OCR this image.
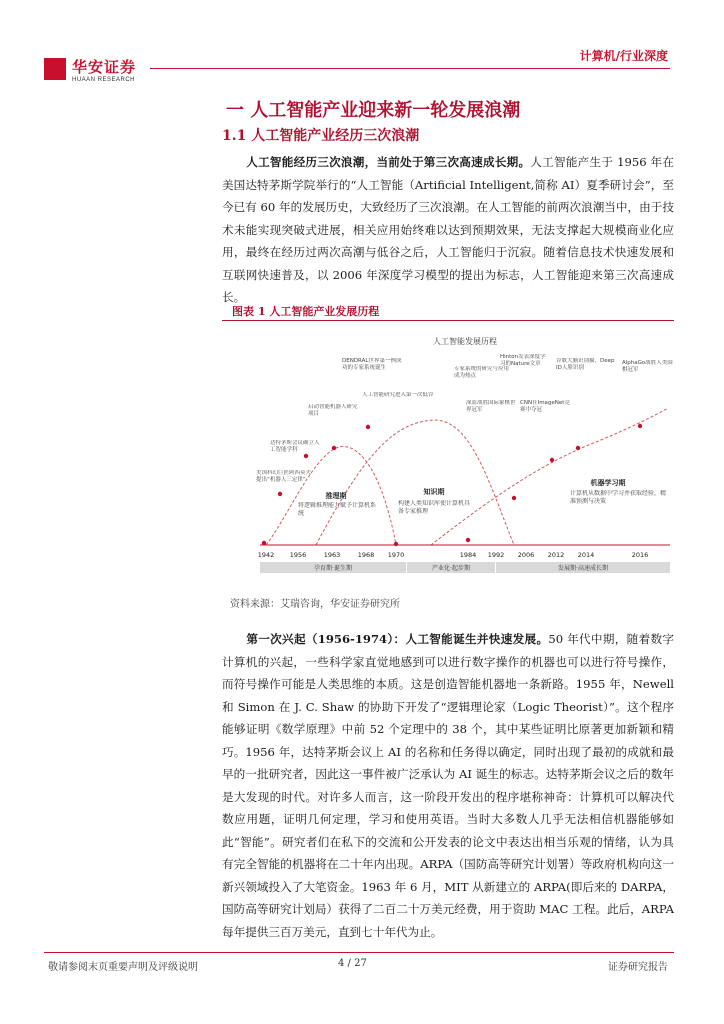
华安证券
HUAAN RESEARCH
计算机/行业深度
一 人工智能产业迎来新一轮发展浪潮
1.1 人工智能产业经历三次浪潮
人工智能经历三次浪潮，当前处于第三次高速成长期。人工智能产生于 1956 年在美国达特茅斯学院举行的“人工智能（Artificial Intelligent,简称 AI）夏季研讨会”，至今已有 60 年的发展历史，大致经历了三次浪潮。在人工智能的前两次浪潮当中，由于技术未能实现突破式进展，相关应用始终难以达到预期效果，无法支撑起大规模商业化应用，最终在经历过两次高潮与低谷之后，人工智能归于沉寂。随着信息技术快速发展和互联网快速普及，以 2006 年深度学习模型的提出为标志，人工智能迎来第三次高速成长。
图表 1 人工智能产业发展历程
人工智能发展历程
推理期	知识期
机器学习期
将逻辑推理能力赋予计算机系统
构建人类知识库使计算机具备专家推理
计算机从数据中学习并获取经验，精准预测与决策
美国科幻巨匠阿西莫夫提出“机器人三定律”
达特茅斯会议确立人工智能学科
启动智能机器人研究项目
DENDRAL世界第一例成功的专家系统诞生
人工智能研究进入第一次低谷
专家系统的研究与应用成为热点
深蓝战胜国际象棋世界冠军
Hinton发表深度学习的Nature文章
CNN在ImageNet竞赛中夺冠
谷歌大脑识别猫，Deep ID人脸识别
AlphaGo战胜人类围棋冠军
1942 1956	1963	1968 1970	1984 1992 2006 2012 2014	2016
孕育期·诞生期	产业化·起步期	发展期·高速成长期
资料来源：艾瑞咨询，华安证券研究所
第一次兴起（1956-1974）：人工智能诞生并快速发展。50 年代中期，随着数字计算机的兴起，一些科学家直觉地感到可以进行数字操作的机器也可以进行符号操作，而符号操作可能是人类思维的本质。这是创造智能机器地一条新路。1955 年，Newell 和 Simon 在 J. C. Shaw 的协助下开发了“逻辑理论家（Logic Theorist）”。这个程序能够证明《数学原理》中前 52 个定理中的 38 个，其中某些证明比原著更加新颖和精巧。1956 年，达特茅斯会议上 AI 的名称和任务得以确定，同时出现了最初的成就和最早的一批研究者，因此这一事件被广泛承认为 AI 诞生的标志。达特茅斯会议之后的数年是大发现的时代。对许多人而言，这一阶段开发出的程序堪称神奇：计算机可以解决代数应用题，证明几何定理，学习和使用英语。当时大多数人几乎无法相信机器能够如此“智能”。研究者们在私下的交流和公开发表的论文中表达出相当乐观的情绪，认为具有完全智能的机器将在二十年内出现。ARPA（国防高等研究计划署）等政府机构向这一新兴领域投入了大笔资金。1963 年 6 月，MIT 从新建立的 ARPA(即后来的 DARPA，国防高等研究计划局）获得了二百二十万美元经费，用于资助 MAC 工程。此后，ARPA 每年提供三百万美元，直到七十年代为止。
敬请参阅末页重要声明及评级说明	4 / 27	证券研究报告
